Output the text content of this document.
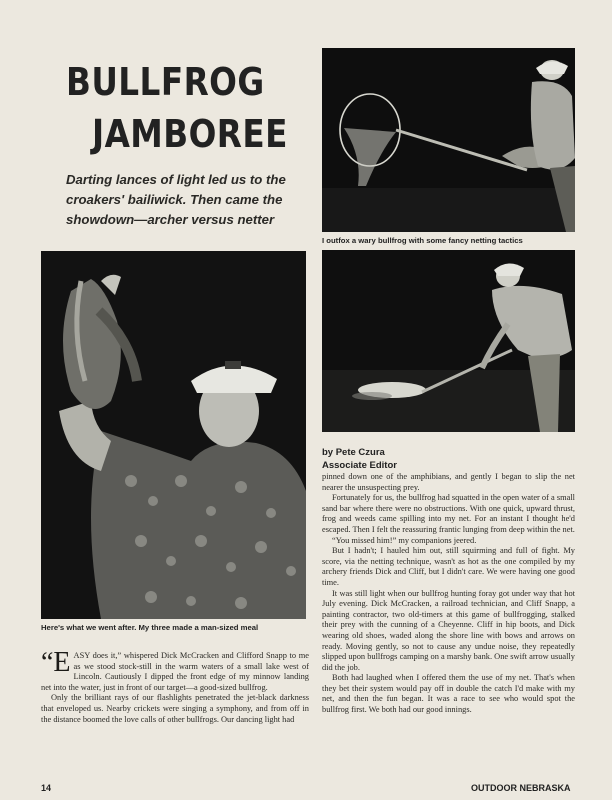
BULLFROG
JAMBOREE

Darting lances of light led us to the croakers' bailiwick. Then came the showdown—archer versus netter

I outfox a wary bullfrog with some fancy netting tactics

Here's what we went after. My three made a man-sized meal

by Pete Czura
Associate Editor

“EASY does it,” whispered Dick McCracken and Clifford Snapp to me as we stood stock-still in the warm waters of a small lake west of Lincoln. Cautiously I dipped the front edge of my minnow landing net into the water, just in front of our target—a good-sized bullfrog.

Only the brilliant rays of our flashlights penetrated the jet-black darkness that enveloped us. Nearby crickets were singing a symphony, and from off in the distance boomed the love calls of other bullfrogs. Our dancing light had

pinned down one of the amphibians, and gently I began to slip the net nearer the unsuspecting prey.

Fortunately for us, the bullfrog had squatted in the open water of a small sand bar where there were no obstructions. With one quick, upward thrust, frog and weeds came spilling into my net. For an instant I thought he'd escaped. Then I felt the reassuring frantic lunging from deep within the net.

“You missed him!” my companions jeered.

But I hadn't; I hauled him out, still squirming and full of fight. My score, via the netting technique, wasn't as hot as the one compiled by my archery friends Dick and Cliff, but I didn't care. We were having one good time.

It was still light when our bullfrog hunting foray got under way that hot July evening. Dick McCracken, a railroad technician, and Cliff Snapp, a painting contractor, two old-timers at this game of bullfrogging, stalked their prey with the cunning of a Cheyenne. Cliff in hip boots, and Dick wearing old shoes, waded along the shore line with bows and arrows on ready. Moving gently, so not to cause any undue noise, they repeatedly slipped upon bullfrogs camping on a marshy bank. One swift arrow usually did the job.

Both had laughed when I offered them the use of my net. That's when they bet their system would pay off in double the catch I'd make with my net, and then the fun began. It was a race to see who would spot the bullfrog first. We both had our good innings.

14	OUTDOOR NEBRASKA
